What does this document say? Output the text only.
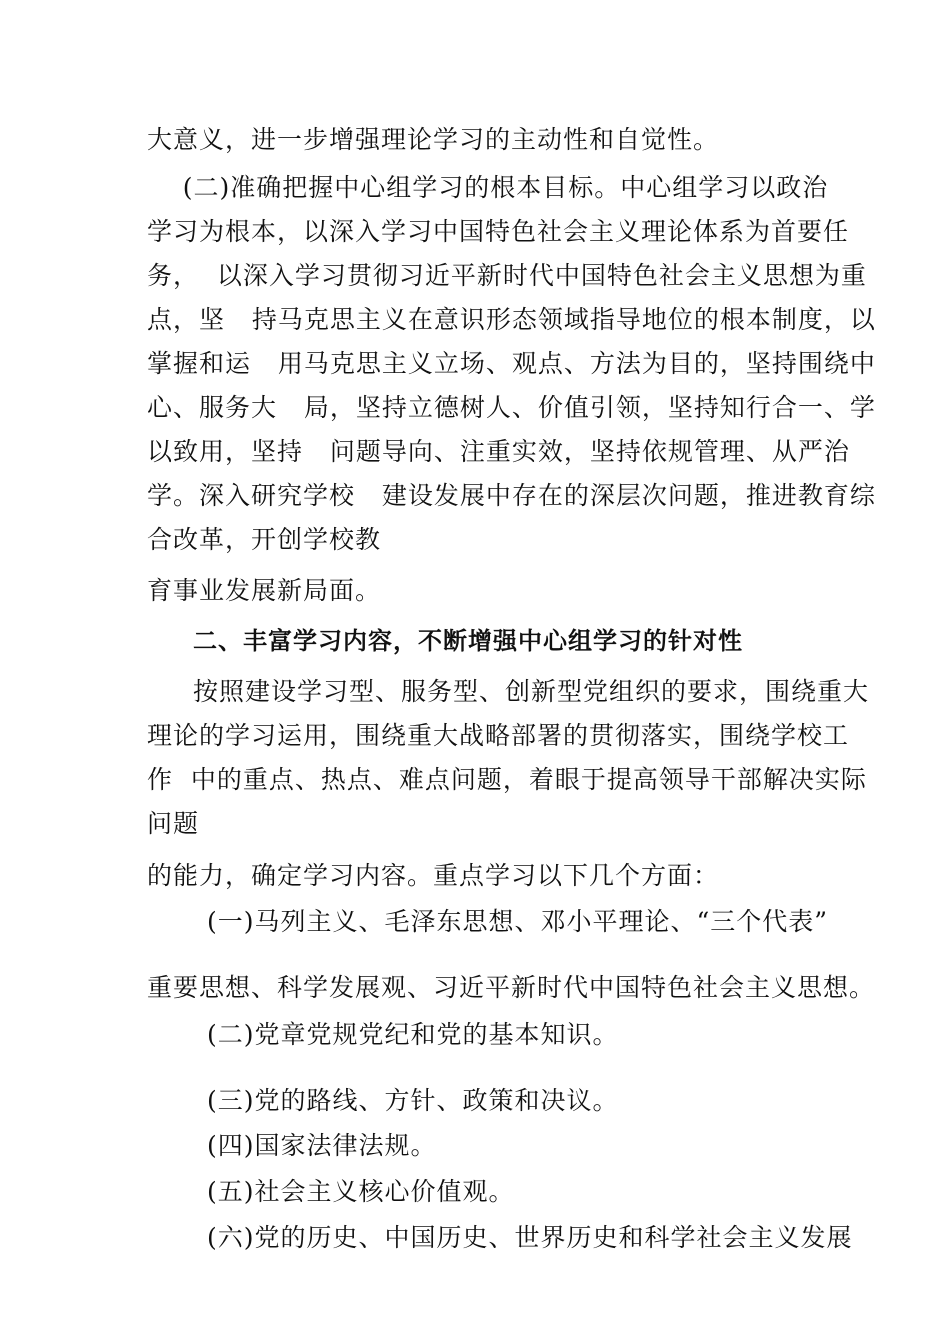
大意义，进一步增强理论学习的主动性和自觉性。

(二)准确把握中心组学习的根本目标。中心组学习以政治

学习为根本，以深入学习中国特色社会主义理论体系为首要任

务，  以深入学习贯彻习近平新时代中国特色社会主义思想为重

点，坚   持马克思主义在意识形态领域指导地位的根本制度，以

掌握和运   用马克思主义立场、观点、方法为目的，坚持围绕中

心、服务大   局，坚持立德树人、价值引领，坚持知行合一、学

以致用，坚持   问题导向、注重实效，坚持依规管理、从严治

学。深入研究学校   建设发展中存在的深层次问题，推进教育综

合改革，开创学校教

育事业发展新局面。

二、丰富学习内容，不断增强中心组学习的针对性

按照建设学习型、服务型、创新型党组织的要求，围绕重大

理论的学习运用，围绕重大战略部署的贯彻落实，围绕学校工

作  中的重点、热点、难点问题，着眼于提高领导干部解决实际

问题

的能力，确定学习内容。重点学习以下几个方面：

(一)马列主义、毛泽东思想、邓小平理论、“三个代表”

重要思想、科学发展观、习近平新时代中国特色社会主义思想。

(二)党章党规党纪和党的基本知识。

(三)党的路线、方针、政策和决议。

(四)国家法律法规。

(五)社会主义核心价值观。

(六)党的历史、中国历史、世界历史和科学社会主义发展
